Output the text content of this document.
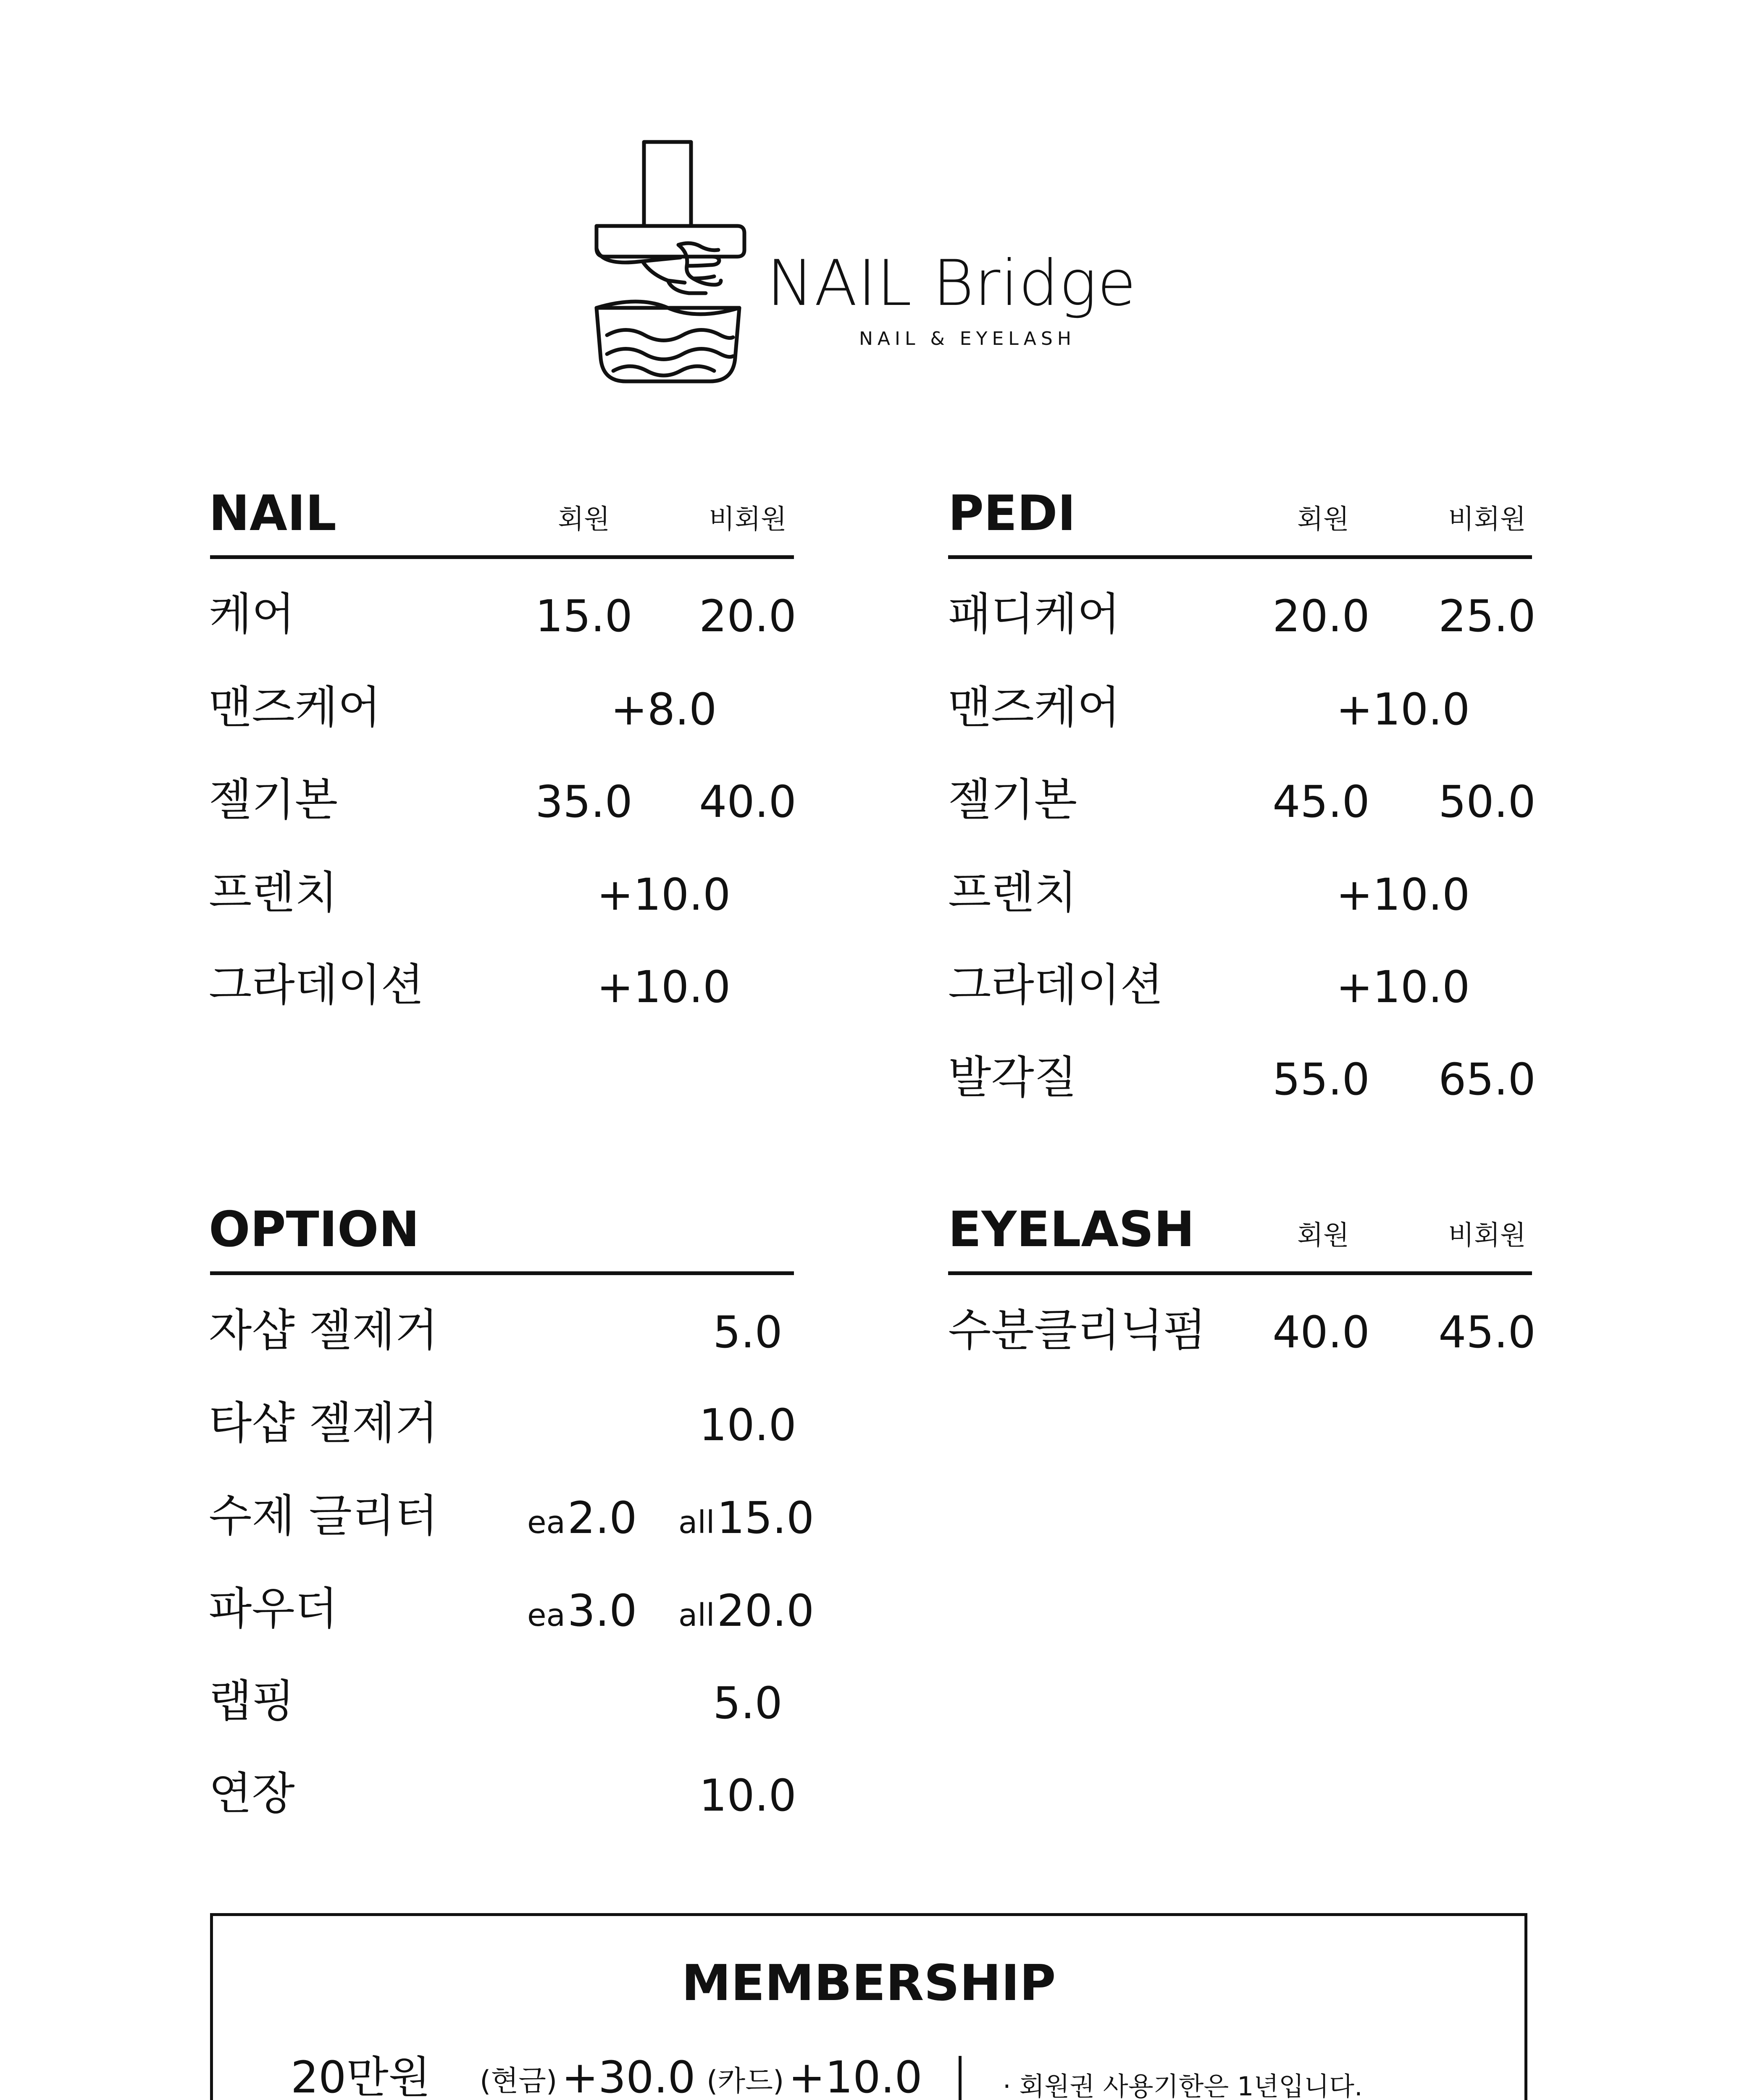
NAIL Bridge
NAIL & EYELASH
NAIL	회원	비회원
케어	15.0	20.0
맨즈케어	+8.0
젤기본	35.0	40.0
프렌치	+10.0
그라데이션	+10.0
PEDI	회원	비회원
패디케어	20.0	25.0
맨즈케어	+10.0
젤기본	45.0	50.0
프렌치	+10.0
그라데이션	+10.0
발각질	55.0	65.0
OPTION
자샵 젤제거	5.0
타샵 젤제거	10.0
수제 글리터	ea 2.0 all 15.0
파우더	ea 3.0 all 20.0
랩핑	5.0
연장	10.0
EYELASH	회원	비회원
수분클리닉펌	40.0	45.0
MEMBERSHIP
20만원 (현금) +30.0 (카드) +10.0	· 회원권 사용기한은 1년입니다.
